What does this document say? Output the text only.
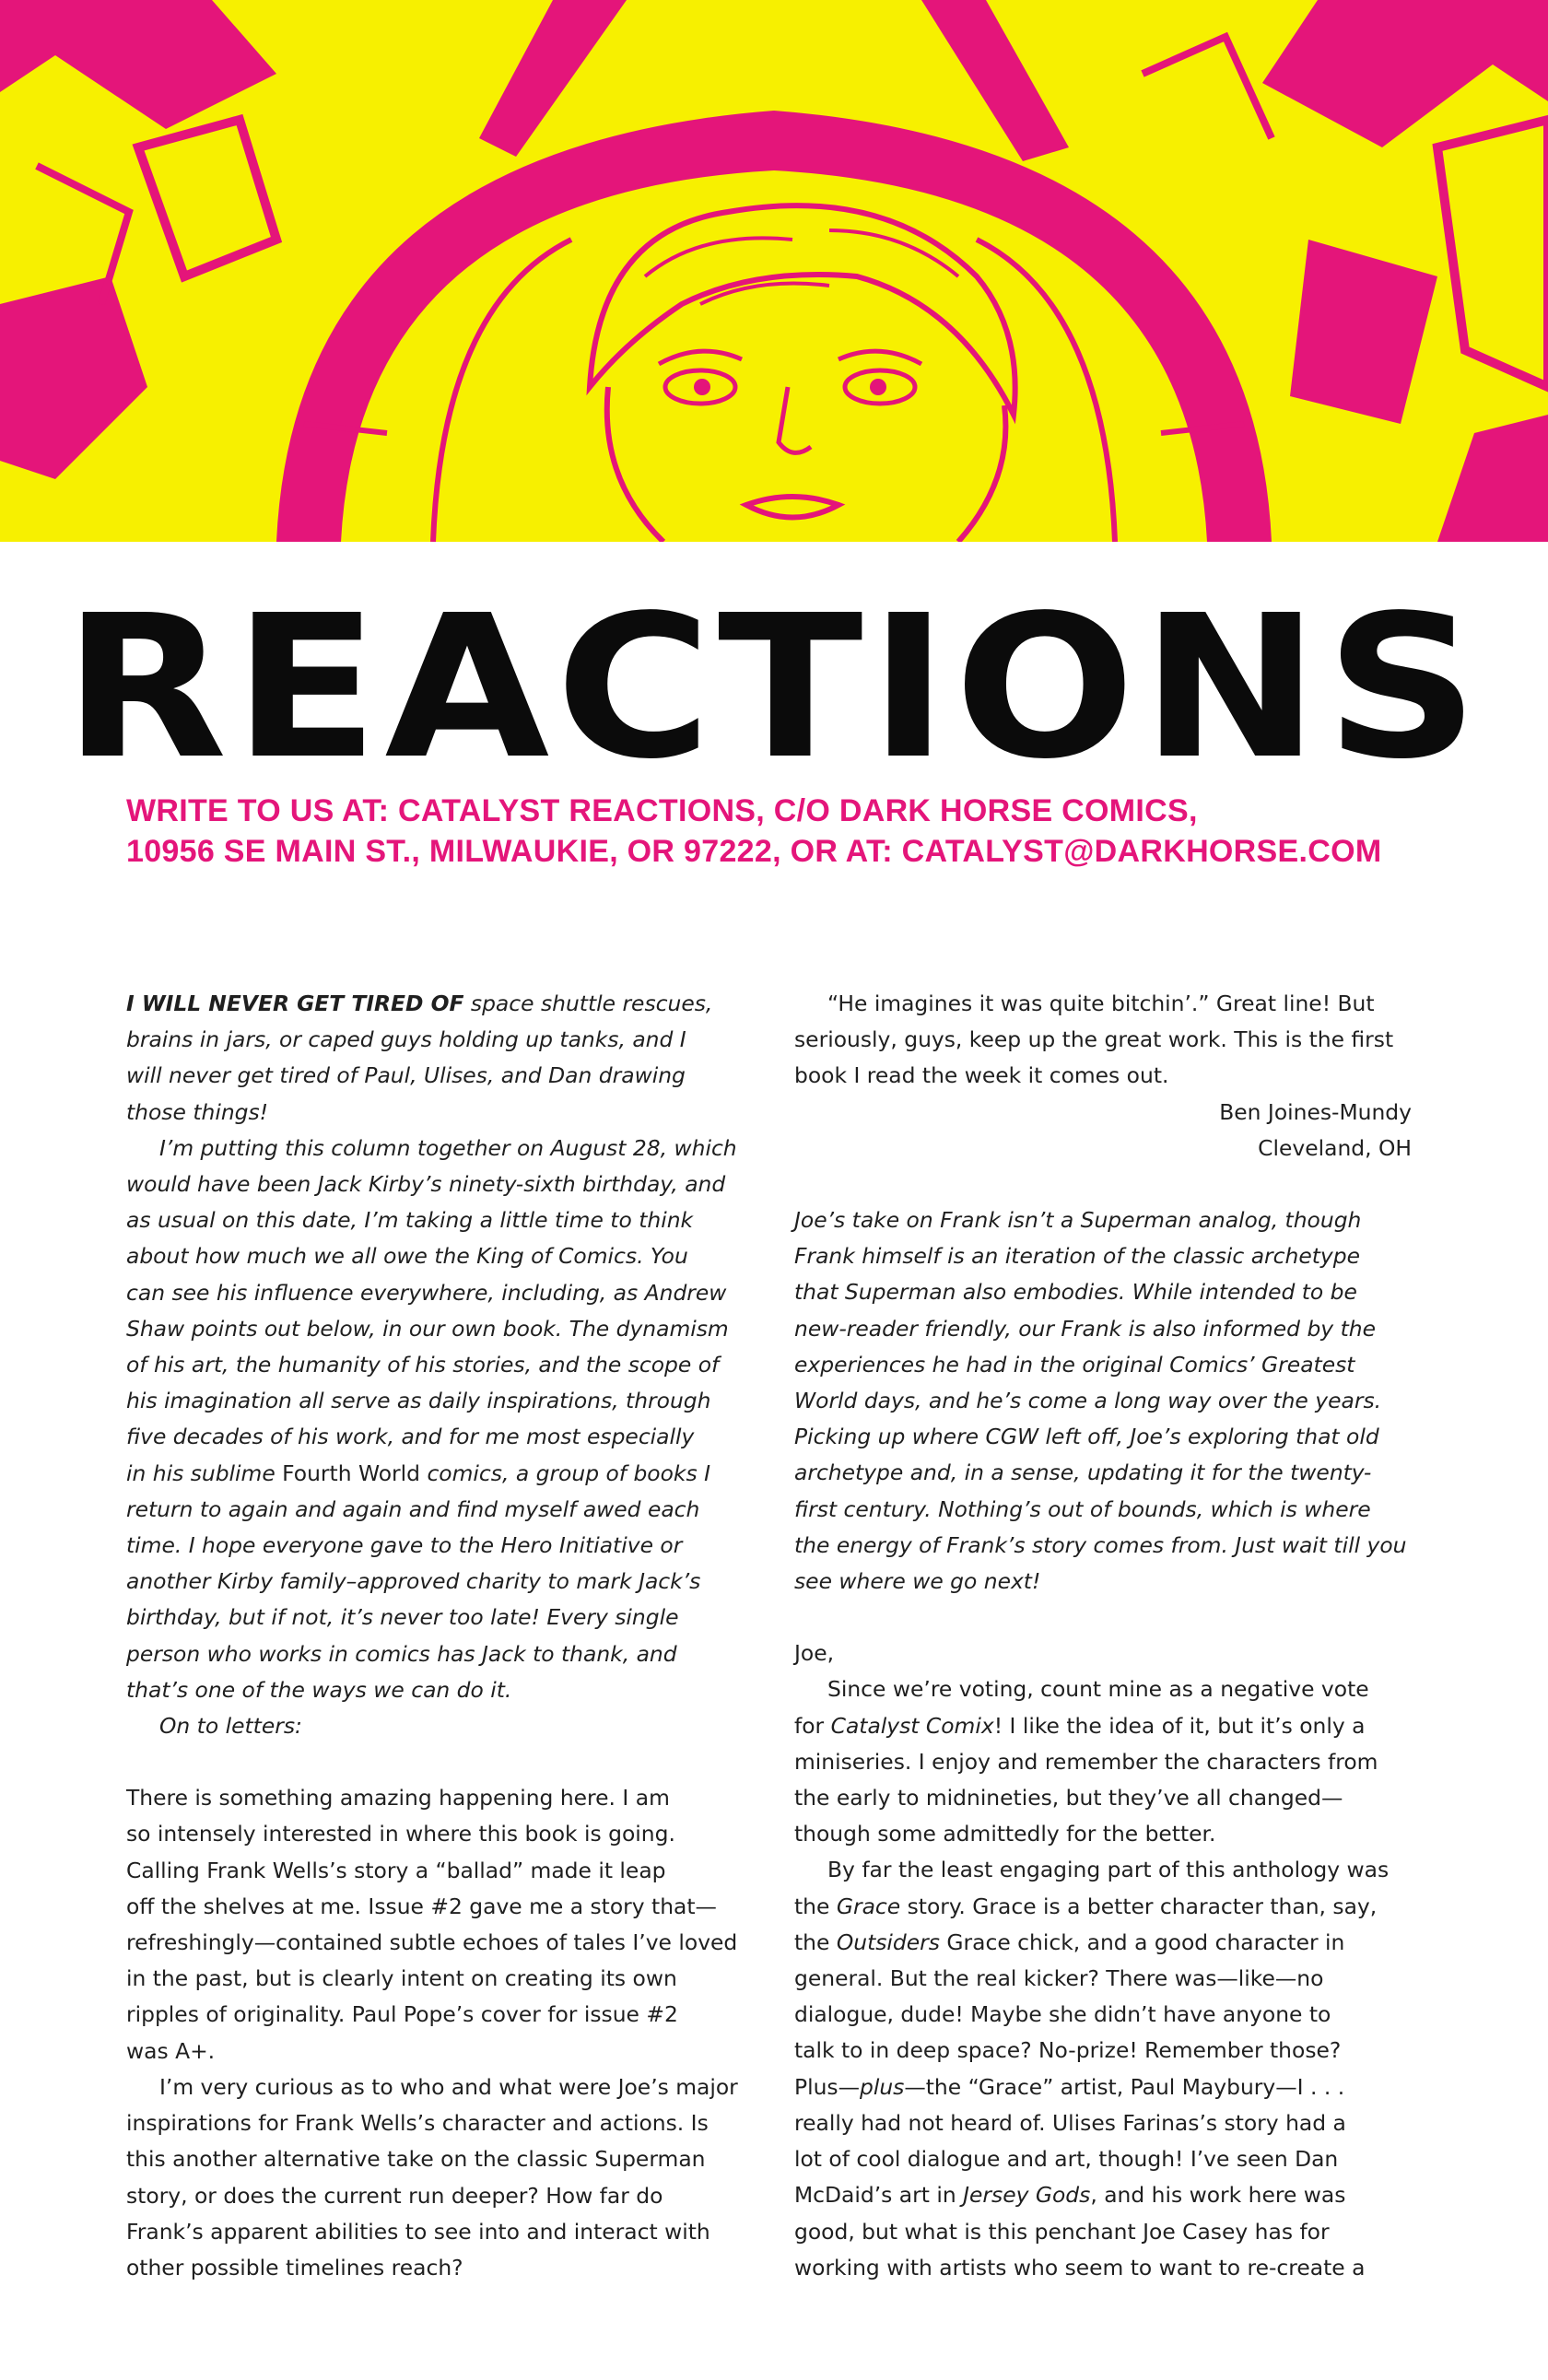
REACTIONS
WRITE TO US AT: CATALYST REACTIONS, C/O DARK HORSE COMICS,
10956 SE MAIN ST., MILWAUKIE, OR 97222, OR AT: CATALYST@DARKHORSE.COM

I WILL NEVER GET TIRED OF space shuttle rescues,

brains in jars, or caped guys holding up tanks, and I

will never get tired of Paul, Ulises, and Dan drawing

those things!

I’m putting this column together on August 28, which

would have been Jack Kirby’s ninety-sixth birthday, and

as usual on this date, I’m taking a little time to think

about how much we all owe the King of Comics. You

can see his influence everywhere, including, as Andrew

Shaw points out below, in our own book. The dynamism

of his art, the humanity of his stories, and the scope of

his imagination all serve as daily inspirations, through

five decades of his work, and for me most especially

in his sublime Fourth World comics, a group of books I

return to again and again and find myself awed each

time. I hope everyone gave to the Hero Initiative or

another Kirby family–approved charity to mark Jack’s

birthday, but if not, it’s never too late! Every single

person who works in comics has Jack to thank, and

that’s one of the ways we can do it.

On to letters:

There is something amazing happening here. I am

so intensely interested in where this book is going.

Calling Frank Wells’s story a “ballad” made it leap

off the shelves at me. Issue #2 gave me a story that—

refreshingly—contained subtle echoes of tales I’ve loved

in the past, but is clearly intent on creating its own

ripples of originality. Paul Pope’s cover for issue #2

was A+.

I’m very curious as to who and what were Joe’s major

inspirations for Frank Wells’s character and actions. Is

this another alternative take on the classic Superman

story, or does the current run deeper? How far do

Frank’s apparent abilities to see into and interact with

other possible timelines reach?

“He imagines it was quite bitchin’.” Great line! But

seriously, guys, keep up the great work. This is the first

book I read the week it comes out.

Ben Joines-Mundy

Cleveland, OH

Joe’s take on Frank isn’t a Superman analog, though

Frank himself is an iteration of the classic archetype

that Superman also embodies. While intended to be

new-reader friendly, our Frank is also informed by the

experiences he had in the original Comics’ Greatest

World days, and he’s come a long way over the years.

Picking up where CGW left off, Joe’s exploring that old

archetype and, in a sense, updating it for the twenty-

first century. Nothing’s out of bounds, which is where

the energy of Frank’s story comes from. Just wait till you

see where we go next!

Joe,

Since we’re voting, count mine as a negative vote

for Catalyst Comix! I like the idea of it, but it’s only a

miniseries. I enjoy and remember the characters from

the early to midnineties, but they’ve all changed—

though some admittedly for the better.

By far the least engaging part of this anthology was

the Grace story. Grace is a better character than, say,

the Outsiders Grace chick, and a good character in

general. But the real kicker? There was—like—no

dialogue, dude! Maybe she didn’t have anyone to

talk to in deep space? No-prize! Remember those?

Plus—plus—the “Grace” artist, Paul Maybury—I . . .

really had not heard of. Ulises Farinas’s story had a

lot of cool dialogue and art, though! I’ve seen Dan

McDaid’s art in Jersey Gods, and his work here was

good, but what is this penchant Joe Casey has for

working with artists who seem to want to re-create a
